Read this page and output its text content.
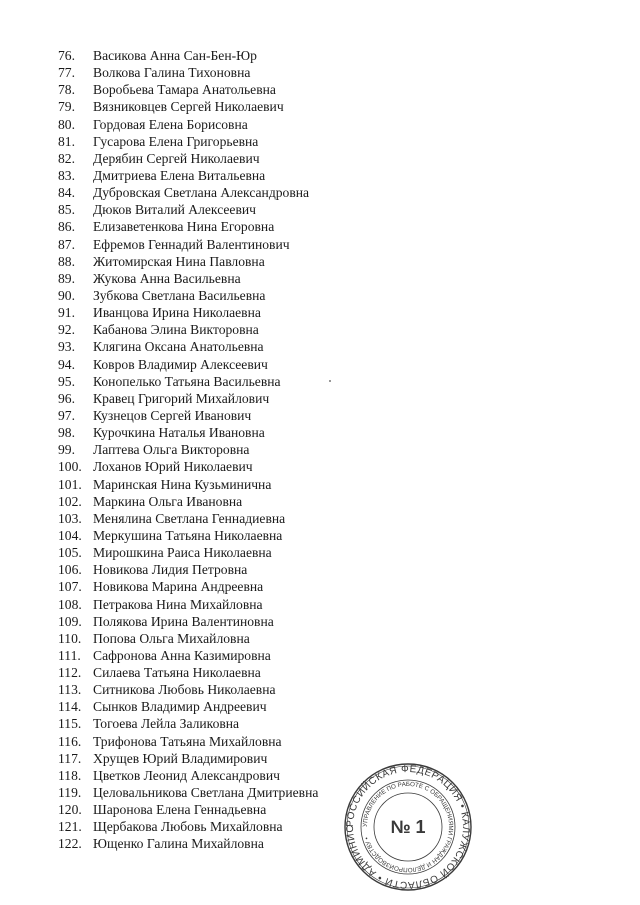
76.	Васикова Анна Сан-Бен-Юр
77.	Волкова Галина Тихоновна
78.	Воробьева Тамара Анатольевна
79.	Вязниковцев Сергей Николаевич
80.	Гордовая Елена Борисовна
81.	Гусарова Елена Григорьевна
82.	Дерябин Сергей Николаевич
83.	Дмитриева Елена Витальевна
84.	Дубровская Светлана Александровна
85.	Дюков Виталий Алексеевич
86.	Елизаветенкова Нина Егоровна
87.	Ефремов Геннадий Валентинович
88.	Житомирская Нина Павловна
89.	Жукова Анна Васильевна
90.	Зубкова Светлана Васильевна
91.	Иванцова Ирина Николаевна
92.	Кабанова Элина Викторовна
93.	Клягина Оксана Анатольевна
94.	Ковров Владимир Алексеевич
95.	Конопелько Татьяна Васильевна
96.	Кравец Григорий Михайлович
97.	Кузнецов Сергей Иванович
98.	Курочкина Наталья Ивановна
99.	Лаптева Ольга Викторовна
100. Лоханов Юрий Николаевич
101. Маринская Нина Кузьминична
102. Маркина Ольга Ивановна
103. Менялина Светлана Геннадиевна
104. Меркушина Татьяна Николаевна
105. Мирошкина Раиса Николаевна
106. Новикова Лидия Петровна
107. Новикова Марина Андреевна
108. Петракова Нина Михайловна
109. Полякова Ирина Валентиновна
110. Попова Ольга Михайловна
111. Сафронова Анна Казимировна
112. Силаева Татьяна Николаевна
113. Ситникова Любовь Николаевна
114. Сынков Владимир Андреевич
115. Тогоева Лейла Заликовна
116. Трифонова Татьяна Михайловна
117. Хрущев Юрий Владимирович
118. Цветков Леонид Александрович
119. Целовальникова Светлана Дмитриевна
120. Шаронова Елена Геннадьевна
121. Щербакова Любовь Михайловна
122. Ющенко Галина Михайловна
РОССИЙСКАЯ ФЕДЕРАЦИЯ • КАЛУЖСКОЙ ОБЛАСТИ • АДМИНИС УПРАВЛЕНИЕ ПО РАБОТЕ С ОБРАЩЕНИЯМИ ГРАЖДАН И ДЕЛОПРОИЗВОДСТВУ •
№ 1
